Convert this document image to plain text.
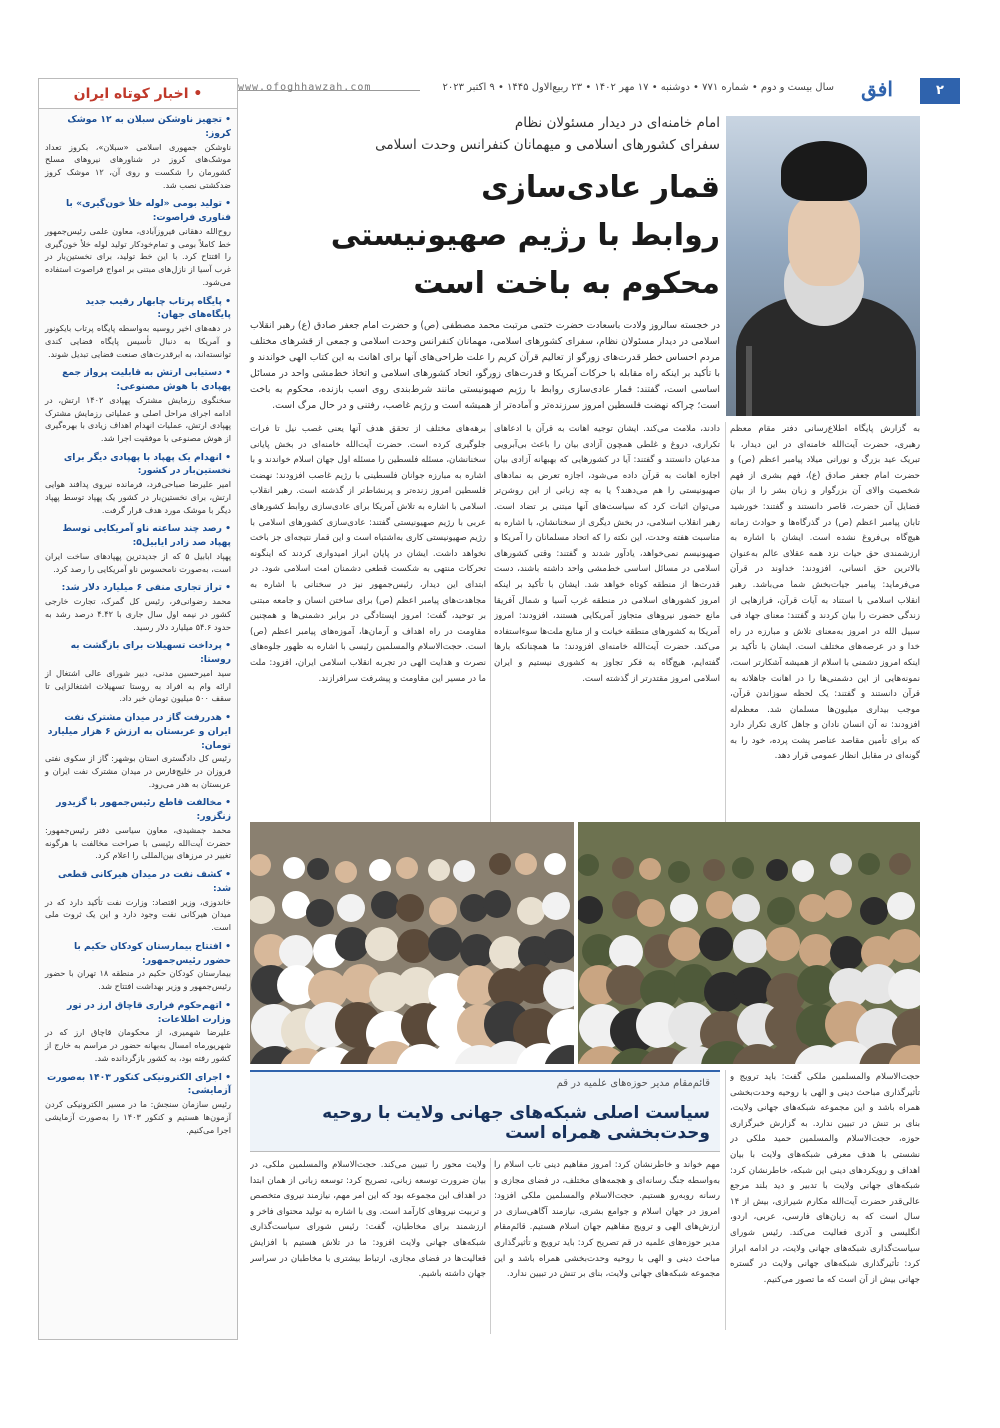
۲
افق
سال بیست و دوم • شماره ۷۷۱ • دوشنبه • ۱۷ مهر ۱۴۰۲ • ۲۳ ربیع‌الاول ۱۴۴۵ • ۹ اکتبر ۲۰۲۳
www.ofoghhawzah.com
• اخبار کوتاه ایران
• تجهیز ناوشکن سبلان به ۱۲ موشک کروز:
ناوشکن جمهوری اسلامی «سبلان»، بکروز تعداد موشک‌های کروز در شناورهای نیروهای مسلح کشورمان را شکست و روی آن، ۱۲ موشک کروز ضدکشتی نصب شد.
• تولید بومی «لوله خلأ خون‌گیری» با فناوری فراصوت:
روح‌الله دهقانی فیروزآبادی، معاون علمی رئیس‌جمهور خط کاملاً بومی و تمام‌خودکار تولید لوله خلأ خون‌گیری را افتتاح کرد. با این خط تولید، برای نخستین‌بار در غرب آسیا از نازل‌های مبتنی بر امواج فراصوت استفاده می‌شود.
• پایگاه پرتاب چابهار رقیب جدید پایگاه‌های جهان:
در دهه‌های اخیر روسیه به‌واسطه پایگاه پرتاب بایکونور و آمریکا به دنبال تأسیس پایگاه فضایی کندی توانسته‌اند، به ابرقدرت‌های صنعت فضایی تبدیل شوند.
• دستیابی ارتش به قابلیت پرواز جمع پهپادی با هوش مصنوعی:
سخنگوی رزمایش مشترک پهپادی ۱۴۰۲ ارتش، در ادامه اجرای مراحل اصلی و عملیاتی رزمایش مشترک پهپادی ارتش، عملیات انهدام اهداف زیادی با بهره‌گیری از هوش مصنوعی با موفقیت اجرا شد.
• انهدام یک پهپاد با پهپادی دیگر برای نخستین‌بار در کشور:
امیر علیرضا صباحی‌فرد، فرمانده نیروی پدافند هوایی ارتش، برای نخستین‌بار در کشور یک پهپاد توسط پهپاد دیگر با موشک مورد هدف قرار گرفت.
• رصد چند ساعته ناو آمریکایی توسط پهپاد صد زادر ایابیل۵:
پهپاد ابابیل ۵ که از جدیدترین پهپادهای ساخت ایران است، به‌صورت نامحسوس ناو آمریکایی را رصد کرد.
• تراز تجاری منفی ۶ میلیارد دلار شد:
محمد رضوانی‌فر، رئیس کل گمرک، تجارت خارجی کشور در نیمه اول سال جاری با ۴.۴۲ درصد رشد به حدود ۵۴.۶ میلیارد دلار رسید.
• پرداخت تسهیلات برای بازگشت به روستا:
سید امیرحسین مدنی، دبیر شورای عالی اشتغال از ارائه وام به افراد به روستا تسهیلات اشتغالزایی تا سقف ۵۰۰ میلیون تومان خبر داد.
• هدررفت گاز در میدان مشترک نفت ایران و عربستان به ارزش ۶ هزار میلیارد تومان:
رئیس کل دادگستری استان بوشهر: گاز از سکوی نفتی فروزان در خلیج‌فارس در میدان مشترک نفت ایران و عربستان به هدر می‌رود.
• مخالفت قاطع رئیس‌جمهور با گزیدور زنگزور:
محمد جمشیدی، معاون سیاسی دفتر رئیس‌جمهور: حضرت آیت‌الله رئیسی با صراحت مخالفت با هرگونه تغییر در مرزهای بین‌المللی را اعلام کرد.
• کشف نفت در میدان هیرکانی قطعی شد:
خاندوزی، وزیر اقتصاد: وزارت نفت تأکید دارد که در میدان هیرکانی نفت وجود دارد و این یک ثروت ملی است.
• افتتاح بیمارستان کودکان حکیم با حضور رئیس‌جمهور:
بیمارستان کودکان حکیم در منطقه ۱۸ تهران با حضور رئیس‌جمهور و وزیر بهداشت افتتاح شد.
• اتهم‌حکوم فراری قاچاق ارز در تور وزارت اطلاعات:
علیرضا شهمیری، از محکومان قاچاق ارز که در شهریورماه امسال به‌بهانه حضور در مراسم به خارج از کشور رفته بود، به کشور بازگردانده شد.
• اجرای الکترونیکی کنکور ۱۴۰۳ به‌صورت آزمایشی:
رئیس سازمان سنجش: ما در مسیر الکترونیکی کردن آزمون‌ها هستیم و کنکور ۱۴۰۳ را به‌صورت آزمایشی اجرا می‌کنیم.
امام خامنه‌ای در دیدار مسئولان نظام
سفرای کشورهای اسلامی و میهمانان کنفرانس وحدت اسلامی
قمار عادی‌سازی
روابط با رژیم صهیونیستی
محکوم به باخت است
در خجسته سالروز ولادت باسعادت حضرت ختمی مرتبت محمد مصطفی (ص) و حضرت امام جعفر صادق (ع) رهبر انقلاب اسلامی در دیدار مسئولان نظام، سفرای کشورهای اسلامی، مهمانان کنفرانس وحدت اسلامی و جمعی از قشرهای مختلف مردم احساس خطر قدرت‌های زورگو از تعالیم قرآن کریم را علت طراحی‌های آنها برای اهانت به این کتاب الهی خواندند و با تأکید بر اینکه راه مقابله با حرکات آمریکا و قدرت‌های زورگو، اتحاد کشورهای اسلامی و اتخاذ خط‌مشی واحد در مسائل اساسی است، گفتند: قمار عادی‌سازی روابط با رژیم صهیونیستی مانند شرط‌بندی روی اسب بازنده، محکوم به باخت است؛ چراکه نهضت فلسطین امروز سرزنده‌تر و آماده‌تر از همیشه است و رژیم غاصب، رفتنی و در حال مرگ است.
به گزارش پایگاه اطلاع‌رسانی دفتر مقام معظم رهبری، حضرت آیت‌الله خامنه‌ای در این دیدار، با تبریک عید بزرگ و نورانی میلاد پیامبر اعظم (ص) و حضرت امام جعفر صادق (ع)، فهم بشری از فهم شخصیت والای آن بزرگوار و زبان بشر را از بیان فضایل آن حضرت، قاصر دانستند و گفتند: خورشید تابان پیامبر اعظم (ص) در گذرگاه‌ها و حوادث زمانه هیچ‌گاه بی‌فروغ نشده است. ایشان با اشاره به ارزشمندی حق حیات نزد همه عقلای عالم به‌عنوان بالاترین حق انسانی، افزودند: خداوند در قرآن می‌فرماید: پیامبر جیات‌بخش شما می‌باشد. رهبر انقلاب اسلامی با استناد به آیات قرآن، فرازهایی از زندگی حضرت را بیان کردند و گفتند: معنای جهاد فی سبیل الله در امروز به‌معنای تلاش و مبارزه در راه خدا و در عرصه‌های مختلف است. ایشان با تأکید بر اینکه امروز دشمنی با اسلام از همیشه آشکارتر است، نمونه‌هایی از این دشمنی‌ها را در اهانت جاهلانه به قرآن دانستند و گفتند: یک لحظه سوزاندن قرآن، موجب بیداری میلیون‌ها مسلمان شد. معظم‌له افزودند: نه آن انسان نادان و جاهل کاری تکرار دارد که برای تأمین مقاصد عناصر پشت پرده، خود را به گونه‌ای در مقابل انظار عمومی قرار دهد.
دادند، ملامت می‌کند. ایشان توجیه اهانت به قرآن با ادعاهای تکراری، دروغ و غلطی همچون آزادی بیان را باعث بی‌آبرویی مدعیان دانستند و گفتند: آیا در کشورهایی که بهبهانه آزادی بیان اجازه اهانت به قرآن داده می‌شود، اجازه تعرض به نمادهای صهیونیستی را هم می‌دهند؟ یا به چه زبانی از این روشن‌تر می‌توان اثبات کرد که سیاست‌های آنها مبتنی بر تضاد است. رهبر انقلاب اسلامی، در بخش دیگری از سخنانشان، با اشاره به مناسبت هفته وحدت، این نکته را که اتحاد مسلمانان را آمریکا و صهیونیسم نمی‌خواهد، یادآور شدند و گفتند: وقتی کشورهای اسلامی در مسائل اساسی خط‌مشی واحد داشته باشند، دست قدرت‌ها از منطقه کوتاه خواهد شد. ایشان با تأکید بر اینکه امروز کشورهای اسلامی در منطقه غرب آسیا و شمال آفریقا مانع حضور نیروهای متجاوز آمریکایی هستند، افزودند: امروز آمریکا به کشورهای منطقه خیانت و از منابع ملت‌ها سوءاستفاده می‌کند. حضرت آیت‌الله خامنه‌ای افزودند: ما همچنانکه بارها گفته‌ایم، هیچ‌گاه به فکر تجاوز به کشوری نیستیم و ایران اسلامی امروز مقتدرتر از گذشته است.
برهه‌های مختلف از تحقق هدف آنها یعنی غصب نیل تا فرات جلوگیری کرده است. حضرت آیت‌الله خامنه‌ای در بخش پایانی سخنانشان، مسئله فلسطین را مسئله اول جهان اسلام خواندند و با اشاره به مبارزه جوانان فلسطینی با رژیم غاصب افزودند: نهضت فلسطین امروز زنده‌تر و پرنشاط‌تر از گذشته است. رهبر انقلاب اسلامی با اشاره به تلاش آمریکا برای عادی‌سازی روابط کشورهای عربی با رژیم صهیونیستی گفتند: عادی‌سازی کشورهای اسلامی با رژیم صهیونیستی کاری به‌اشتباه است و این قمار نتیجه‌ای جز باخت نخواهد داشت. ایشان در پایان ابراز امیدواری کردند که اینگونه تحرکات منتهی به شکست قطعی دشمنان امت اسلامی شود. در ابتدای این دیدار، رئیس‌جمهور نیز در سخنانی با اشاره به مجاهدت‌های پیامبر اعظم (ص) برای ساختن انسان و جامعه مبتنی بر توحید، گفت: امروز ایستادگی در برابر دشمنی‌ها و همچنین مقاومت در راه اهداف و آرمان‌ها، آموزه‌های پیامبر اعظم (ص) است. حجت‌الاسلام والمسلمین رئیسی با اشاره به ظهور جلوه‌های نصرت و هدایت الهی در تجربه انقلاب اسلامی ایران، افزود: ملت ما در مسیر این مقاومت و پیشرفت سرافرازند.
قائم‌مقام مدیر حوزه‌های علمیه در قم
سیاست اصلی شبکه‌های جهانی ولایت با روحیه وحدت‌بخشی همراه است
حجت‌الاسلام والمسلمین ملکی گفت: باید ترویج و تأثیرگذاری مباحث دینی و الهی با روحیه وحدت‌بخشی همراه باشد و این مجموعه شبکه‌های جهانی ولایت، بنای بر تنش در تبیین ندارد. به گزارش خبرگزاری حوزه، حجت‌الاسلام والمسلمین حمید ملکی در نشستی با هدف معرفی شبکه‌های ولایت با بیان اهداف و رویکردهای دینی این شبکه، خاطرنشان کرد: شبکه‌های جهانی ولایت با تدبیر و دید بلند مرجع عالی‌قدر حضرت آیت‌الله مکارم شیرازی، بیش از ۱۴ سال است که به زبان‌های فارسی، عربی، اردو، انگلیسی و آذری فعالیت می‌کند. رئیس شورای سیاست‌گذاری شبکه‌های جهانی ولایت، در ادامه ابراز کرد: تأثیرگذاری شبکه‌های جهانی ولایت در گستره جهانی بیش از آن است که ما تصور می‌کنیم.
مهم خواند و خاطرنشان کرد: امروز مفاهیم دینی تاب اسلام را به‌واسطه جنگ رسانه‌ای و هجمه‌های مختلف، در فضای مجازی و رسانه روبه‌رو هستیم. حجت‌الاسلام والمسلمین ملکی افزود: امروز در جهان اسلام و جوامع بشری، نیازمند آگاهی‌سازی در ارزش‌های الهی و ترویج مفاهیم جهان اسلام هستیم. قائم‌مقام مدیر حوزه‌های علمیه در قم تصریح کرد: باید ترویج و تأثیرگذاری مباحث دینی و الهی با روحیه وحدت‌بخشی همراه باشد و این مجموعه شبکه‌های جهانی ولایت، بنای بر تنش در تبیین ندارد.
ولایت محور را تبیین می‌کند. حجت‌الاسلام والمسلمین ملکی، در بیان ضرورت توسعه زبانی، تصریح کرد: توسعه زبانی از همان ابتدا در اهداف این مجموعه بود که این امر مهم، نیازمند نیروی متخصص و تربیت نیروهای کارآمد است. وی با اشاره به تولید محتوای فاخر و ارزشمند برای مخاطبان، گفت: رئیس شورای سیاست‌گذاری شبکه‌های جهانی ولایت افزود: ما در تلاش هستیم با افزایش فعالیت‌ها در فضای مجازی، ارتباط بیشتری با مخاطبان در سراسر جهان داشته باشیم.
